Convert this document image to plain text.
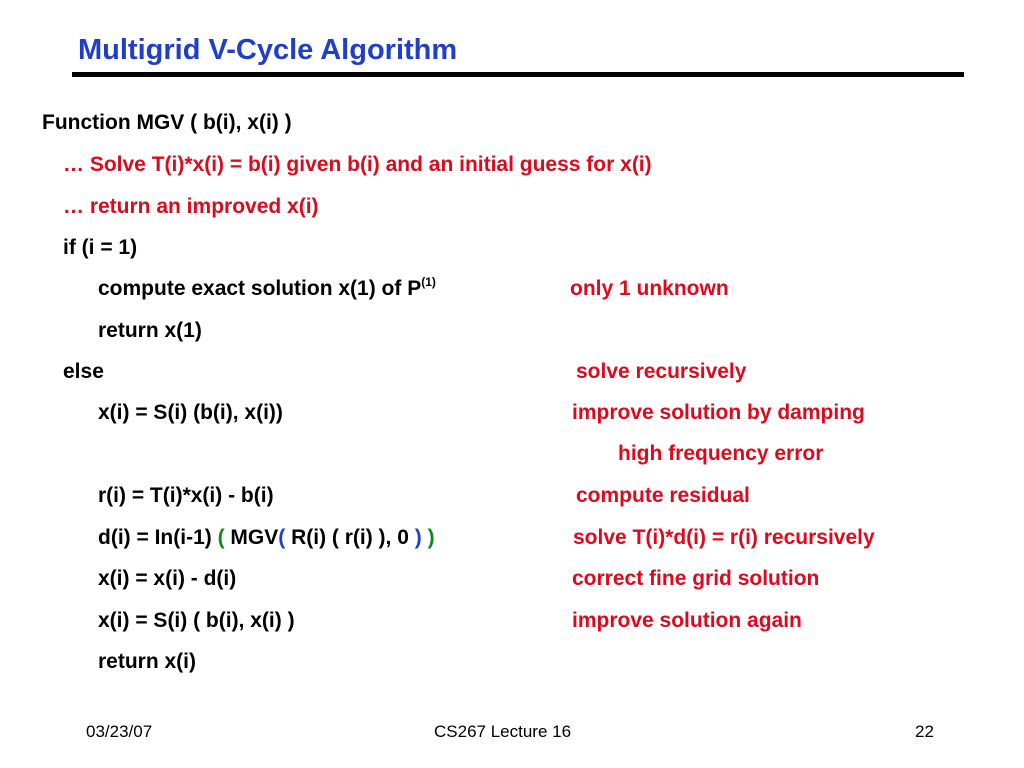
Multigrid V-Cycle Algorithm
Function MGV ( b(i), x(i) )
… Solve T(i)*x(i) = b(i) given b(i) and an initial guess for x(i)
… return an improved x(i)
if (i = 1)
compute exact solution x(1) of $P^{(1)}$	only 1 unknown
return x(1)
else	solve recursively
x(i) = S(i) (b(i), x(i))	improve solution by damping
high frequency error
r(i) = T(i)*x(i) - b(i)	compute residual
d(i) = In(i-1) ( MGV( R(i) ( r(i) ), 0 ) )	solve T(i)*d(i) = r(i) recursively
x(i) = x(i) - d(i)	correct fine grid solution
x(i) = S(i) ( b(i), x(i) )	improve solution again
return x(i)
03/23/07	CS267 Lecture 16	22
